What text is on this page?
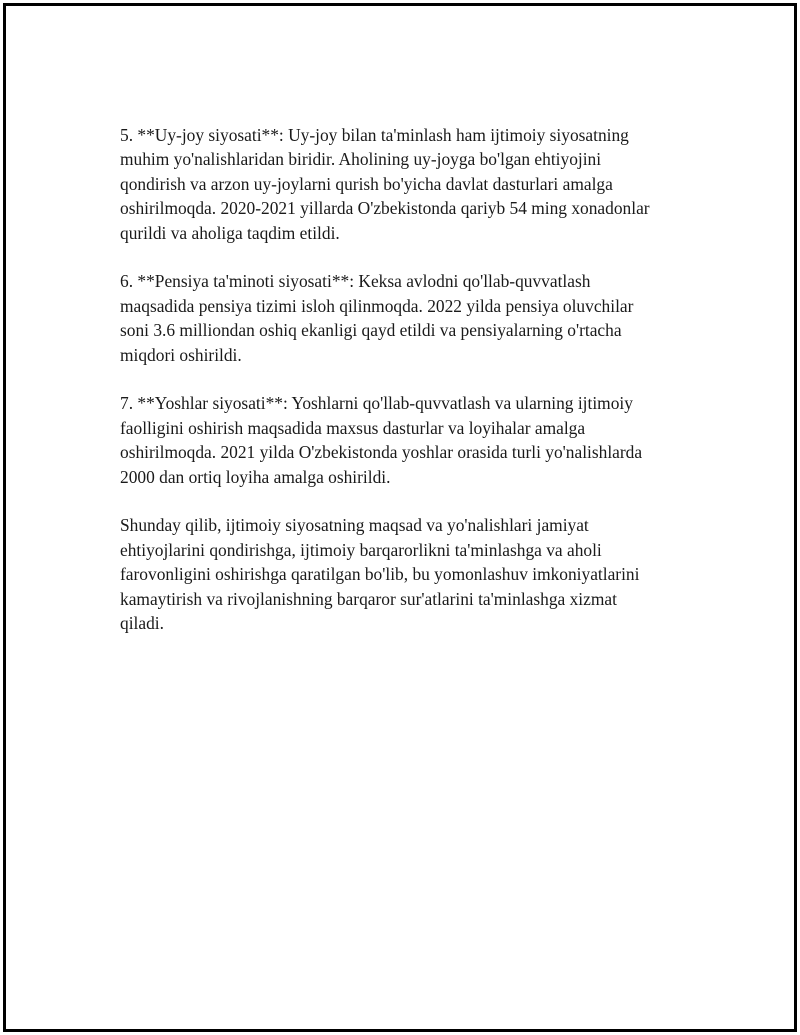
5. **Uy-joy siyosati**: Uy-joy bilan ta'minlash ham ijtimoiy siyosatning
muhim yo'nalishlaridan biridir. Aholining uy-joyga bo'lgan ehtiyojini
qondirish va arzon uy-joylarni qurish bo'yicha davlat dasturlari amalga
oshirilmoqda. 2020-2021 yillarda O'zbekistonda qariyb 54 ming xonadonlar
qurildi va aholiga taqdim etildi.

6. **Pensiya ta'minoti siyosati**: Keksa avlodni qo'llab-quvvatlash
maqsadida pensiya tizimi isloh qilinmoqda. 2022 yilda pensiya oluvchilar
soni 3.6 milliondan oshiq ekanligi qayd etildi va pensiyalarning o'rtacha
miqdori oshirildi.

7. **Yoshlar siyosati**: Yoshlarni qo'llab-quvvatlash va ularning ijtimoiy
faolligini oshirish maqsadida maxsus dasturlar va loyihalar amalga
oshirilmoqda. 2021 yilda O'zbekistonda yoshlar orasida turli yo'nalishlarda
2000 dan ortiq loyiha amalga oshirildi.

Shunday qilib, ijtimoiy siyosatning maqsad va yo'nalishlari jamiyat
ehtiyojlarini qondirishga, ijtimoiy barqarorlikni ta'minlashga va aholi
farovonligini oshirishga qaratilgan bo'lib, bu yomonlashuv imkoniyatlarini
kamaytirish va rivojlanishning barqaror sur'atlarini ta'minlashga xizmat
qiladi.
